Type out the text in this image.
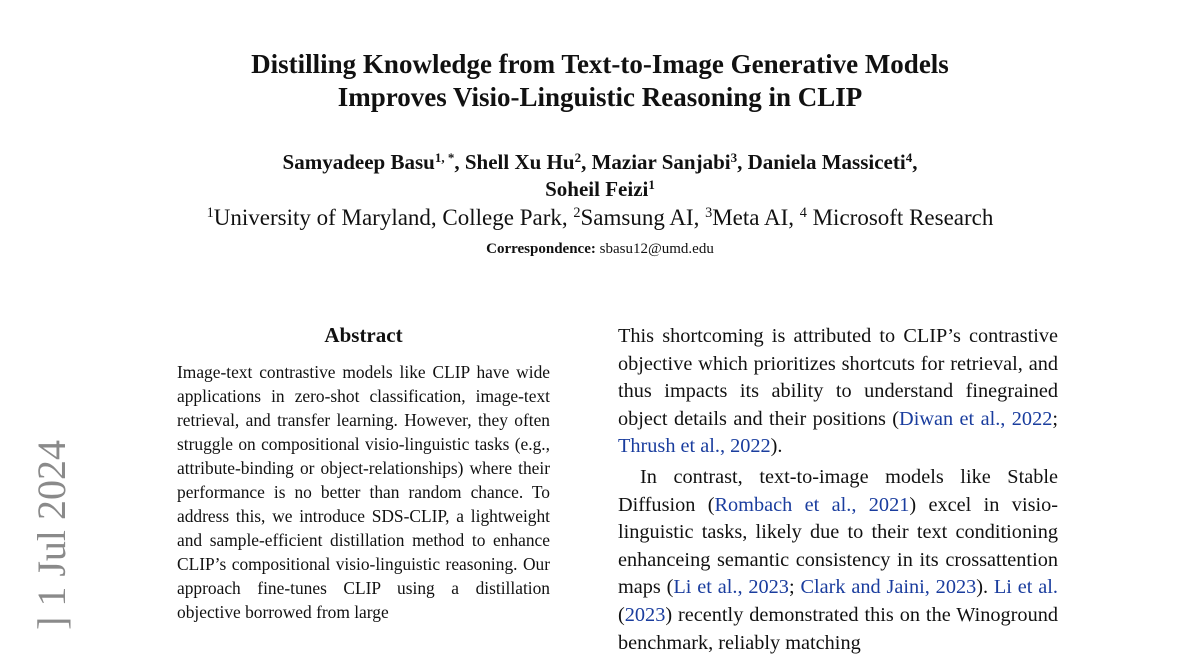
Distilling Knowledge from Text-to-Image Generative Models
Improves Visio-Linguistic Reasoning in CLIP
Samyadeep Basu$^{1, *}$, Shell Xu Hu$^2$, Maziar Sanjabi$^3$, Daniela Massiceti$^4$,
Soheil Feizi$^1$
$^1$University of Maryland, College Park, $^2$Samsung AI, $^3$Meta AI, $^4$ Microsoft Research
Correspondence: sbasu12@umd.edu
Abstract
Image-text contrastive models like CLIP have wide applications in zero-shot classification, image-text retrieval, and transfer learning. However, they often struggle on compositional visio-linguistic tasks (e.g., attribute-binding or object-relationships) where their performance is no better than random chance. To address this, we introduce SDS-CLIP, a lightweight and sample-efficient distillation method to enhance CLIP’s compositional visio-linguistic reasoning. Our approach fine-tunes CLIP using a distillation objective borrowed from large

This shortcoming is attributed to CLIP’s contrastive objective which prioritizes shortcuts for retrieval, and thus impacts its ability to understand finegrained object details and their positions (Diwan et al., 2022; Thrush et al., 2022).

In contrast, text-to-image models like Stable Diffusion (Rombach et al., 2021) excel in visiolinguistic tasks, likely due to their text conditioning enhanceing semantic consistency in its crossattention maps (Li et al., 2023; Clark and Jaini, 2023). Li et al. (2023) recently demonstrated this on the Winoground benchmark, reliably matching

] 1 Jul 2024
